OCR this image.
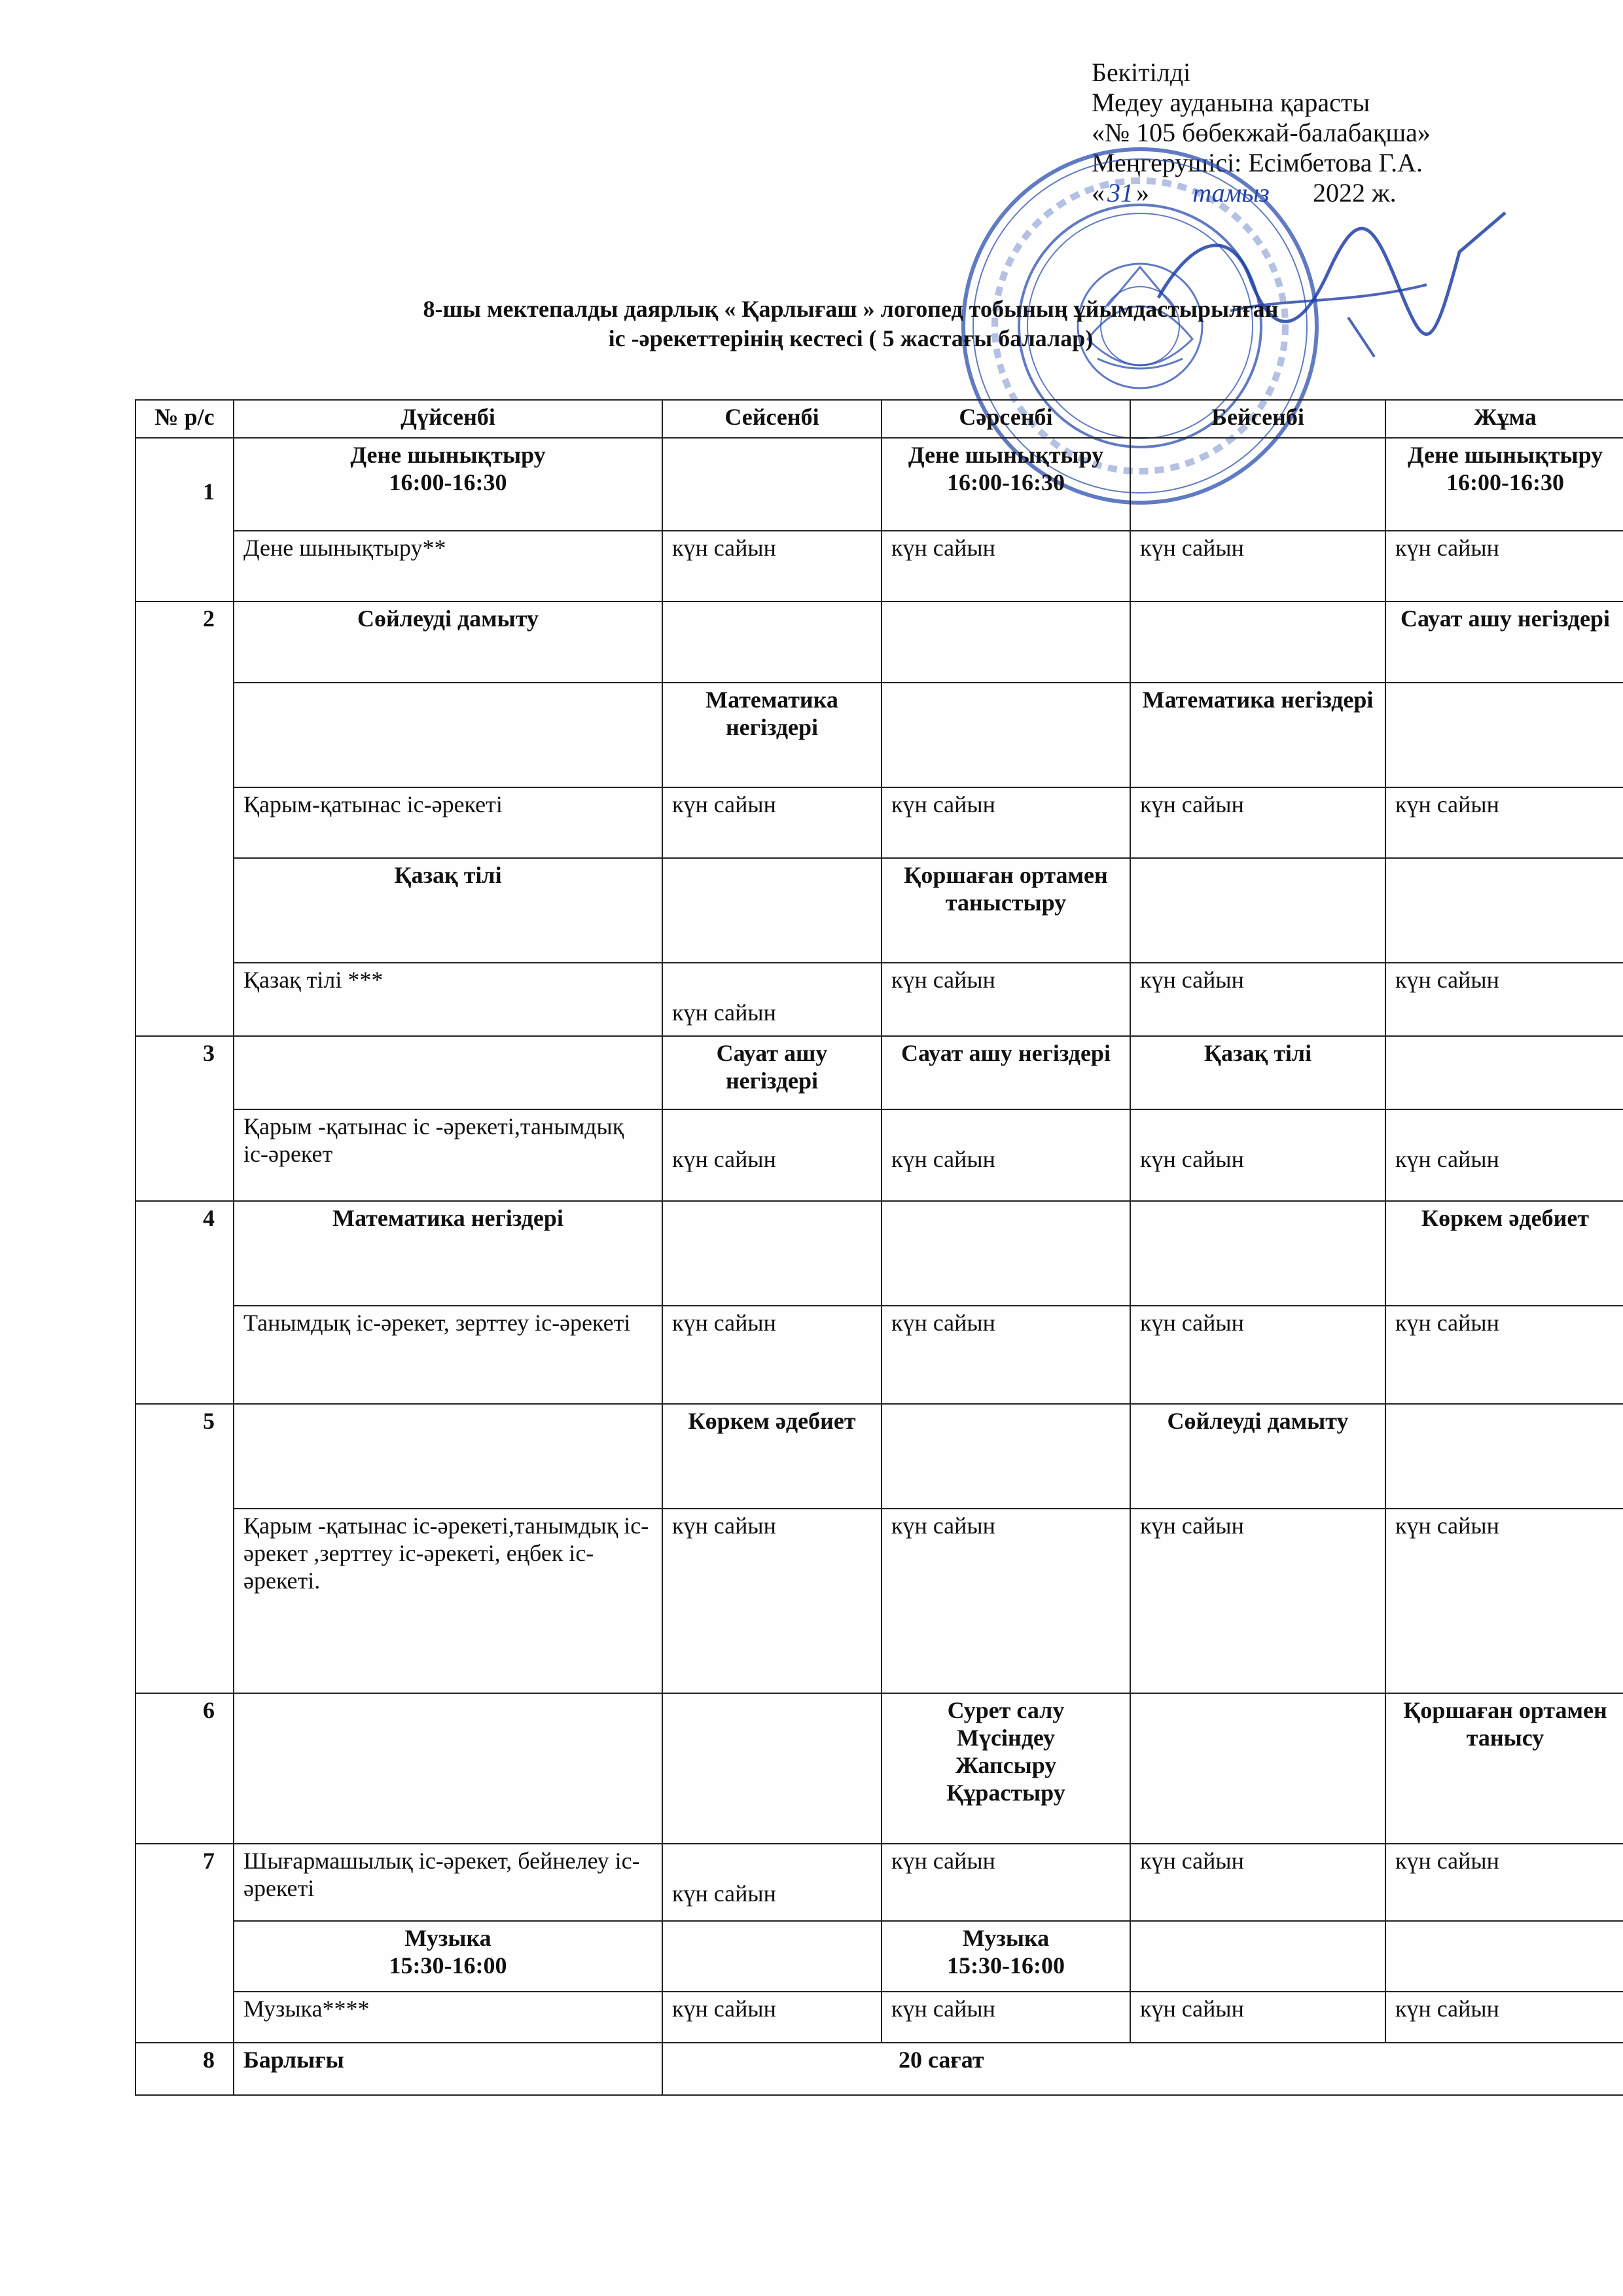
Бекітілді
Медеу ауданына қарасты
«№ 105 бөбекжай-балабақша»
Меңгерушісі: Есімбетова Г.А.
« 31 » тамыз 2022 ж.
8-шы мектепалды даярлық « Қарлығаш » логопед тобының ұйымдастырылған
іс -әрекеттерінің кестесі ( 5 жастағы балалар)
№ р/с	Дүйсенбі	Сейсенбі	Сәрсенбі	Бейсенбі	Жұма
1	Дене шынықтыру
16:00-16:30		Дене шынықтыру
16:00-16:30		Дене шынықтыру
16:00-16:30
	Дене шынықтыру**	күн сайын	күн сайын	күн сайын	күн сайын
2	Сөйлеуді дамыту				Сауат ашу негіздері
		Математика негіздері		Математика негіздері	
	Қарым-қатынас іс-әрекеті	күн сайын	күн сайын	күн сайын	күн сайын
	Қазақ тілі		Қоршаған ортамен таныстыру		
	Қазақ тілі ***	күн сайын	күн сайын	күн сайын	күн сайын
3		Сауат ашу негіздері	Сауат ашу негіздері	Қазақ тілі	
	Қарым -қатынас іс -әрекеті,танымдық іс-әрекет	күн сайын	күн сайын	күн сайын	күн сайын
4	Математика негіздері				Көркем әдебиет
	Танымдық іс-әрекет, зерттеу іс-әрекеті	күн сайын	күн сайын	күн сайын	күн сайын
5		Көркем әдебиет		Сөйлеуді дамыту	
	Қарым -қатынас іс-әрекеті,танымдық іс-әрекет ,зерттеу іс-әрекеті, еңбек іс-әрекеті.	күн сайын	күн сайын	күн сайын	күн сайын
6			Сурет салу
Мүсіндеу
Жапсыру
Құрастыру		Қоршаған ортамен танысу
7	Шығармашылық іс-әрекет, бейнелеу іс-әрекеті	күн сайын	күн сайын	күн сайын	күн сайын
	Музыка
15:30-16:00		Музыка
15:30-16:00		
	Музыка****	күн сайын	күн сайын	күн сайын	күн сайын
8	Барлығы	20 сағат			
